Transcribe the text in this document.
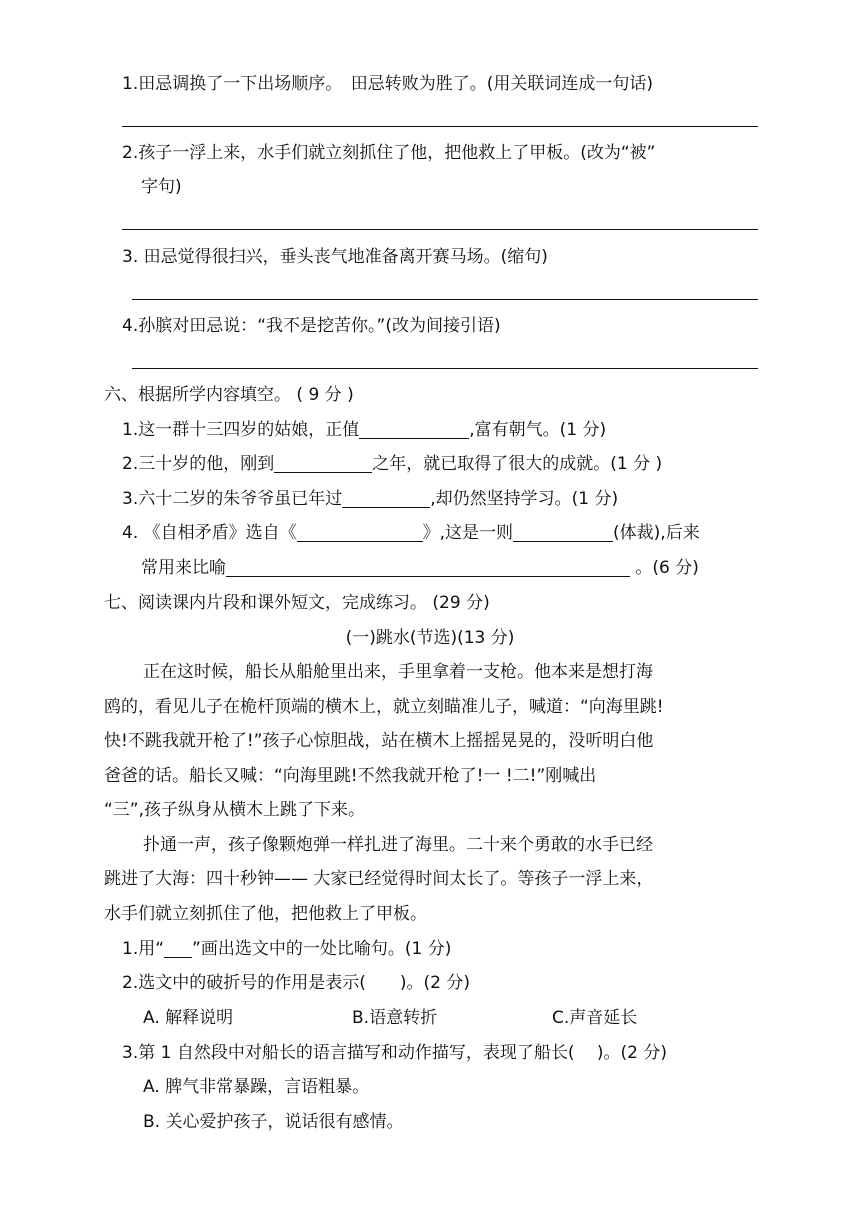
1.田忌调换了一下出场顺序。　田忌转败为胜了。(用关联词连成一句话)
2.孩子一浮上来，水手们就立刻抓住了他，把他救上了甲板。(改为“被”
字句)
3. 田忌觉得很扫兴，垂头丧气地准备离开赛马场。(缩句)
4.孙膑对田忌说：“我不是挖苦你。”(改为间接引语)
六、根据所学内容填空。 ( 9 分 )
1.这一群十三四岁的姑娘，正值	,富有朝气。(1 分)
2.三十岁的他，刚到	之年，就已取得了很大的成就。(1 分 )
3.六十二岁的朱爷爷虽已年过	,却仍然坚持学习。(1 分)
4. 《自相矛盾》选自《	》,这是一则	(体裁),后来
常用来比喻	。(6 分)
七、阅读课内片段和课外短文，完成练习。 (29 分)
(一)跳水(节选)(13 分)
正在这时候，船长从船舱里出来，手里拿着一支枪。他本来是想打海
鸥的，看见儿子在桅杆顶端的横木上，就立刻瞄准儿子，喊道：“向海里跳!
快!不跳我就开枪了!”孩子心惊胆战，站在横木上摇摇晃晃的，没听明白他
爸爸的话。船长又喊：“向海里跳!不然我就开枪了!一 !二!”刚喊出
“三”,孩子纵身从横木上跳了下来。
扑通一声，孩子像颗炮弹一样扎进了海里。二十来个勇敢的水手已经
跳进了大海：四十秒钟—— 大家已经觉得时间太长了。等孩子一浮上来，
水手们就立刻抓住了他，把他救上了甲板。
1.用“ ”画出选文中的一处比喻句。(1 分)
2.选文中的破折号的作用是表示(　　)。(2 分)
A. 解释说明	B.语意转折	C.声音延长
3.第 1 自然段中对船长的语言描写和动作描写，表现了船长(　 )。(2 分)
A. 脾气非常暴躁，言语粗暴。
B. 关心爱护孩子，说话很有感情。
